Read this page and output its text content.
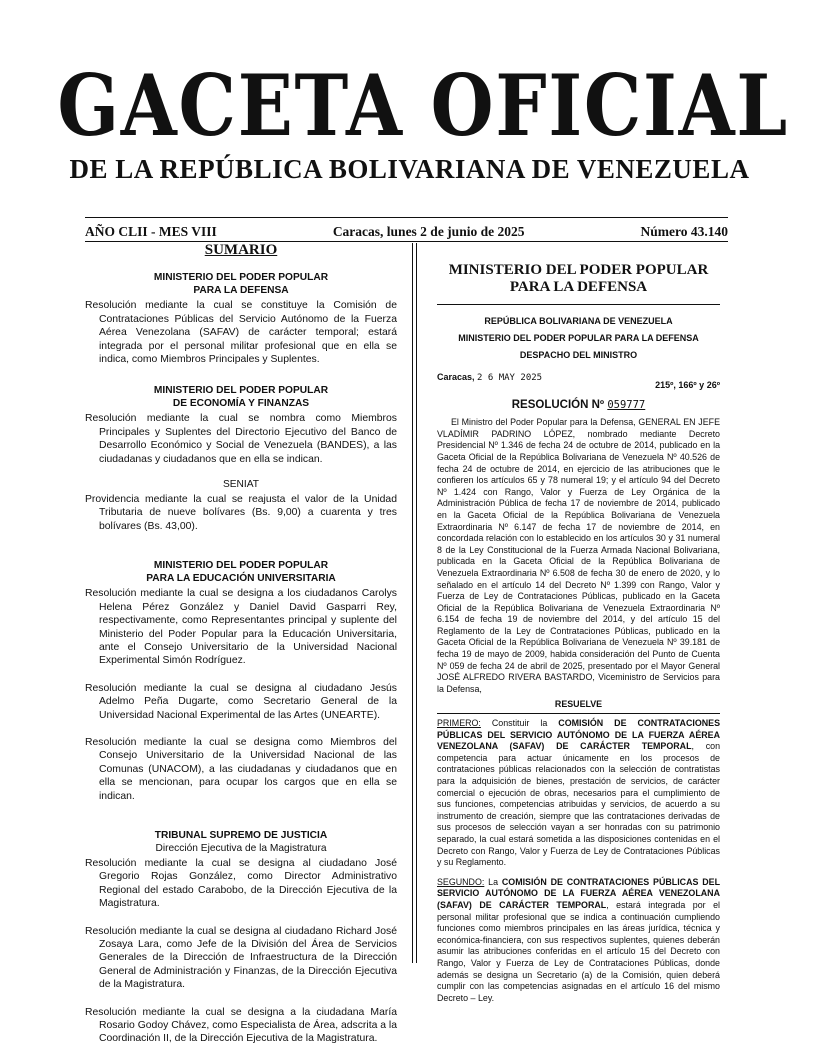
GACETA OFICIAL
DE LA REPÚBLICA BOLIVARIANA DE VENEZUELA
AÑO CLII - MES VIII	Caracas, lunes 2 de junio de 2025	Número 43.140
SUMARIO
MINISTERIO DEL PODER POPULAR
PARA LA DEFENSA
Resolución mediante la cual se constituye la Comisión de Contrataciones Públicas del Servicio Autónomo de la Fuerza Aérea Venezolana (SAFAV) de carácter temporal; estará integrada por el personal militar profesional que en ella se indica, como Miembros Principales y Suplentes.
MINISTERIO DEL PODER POPULAR
DE ECONOMÍA Y FINANZAS
Resolución mediante la cual se nombra como Miembros Principales y Suplentes del Directorio Ejecutivo del Banco de Desarrollo Económico y Social de Venezuela (BANDES), a las ciudadanas y ciudadanos que en ella se indican.
SENIAT
Providencia mediante la cual se reajusta el valor de la Unidad Tributaria de nueve bolívares (Bs. 9,00) a cuarenta y tres bolívares (Bs. 43,00).
MINISTERIO DEL PODER POPULAR
PARA LA EDUCACIÓN UNIVERSITARIA
Resolución mediante la cual se designa a los ciudadanos Carolys Helena Pérez González y Daniel David Gasparri Rey, respectivamente, como Representantes principal y suplente del Ministerio del Poder Popular para la Educación Universitaria, ante el Consejo Universitario de la Universidad Nacional Experimental Simón Rodríguez.
Resolución mediante la cual se designa al ciudadano Jesús Adelmo Peña Dugarte, como Secretario General de la Universidad Nacional Experimental de las Artes (UNEARTE).
Resolución mediante la cual se designa como Miembros del Consejo Universitario de la Universidad Nacional de las Comunas (UNACOM), a las ciudadanas y ciudadanos que en ella se mencionan, para ocupar los cargos que en ella se indican.
TRIBUNAL SUPREMO DE JUSTICIA
Dirección Ejecutiva de la Magistratura
Resolución mediante la cual se designa al ciudadano José Gregorio Rojas González, como Director Administrativo Regional del estado Carabobo, de la Dirección Ejecutiva de la Magistratura.
Resolución mediante la cual se designa al ciudadano Richard José Zosaya Lara, como Jefe de la División del Área de Servicios Generales de la Dirección de Infraestructura de la Dirección General de Administración y Finanzas, de la Dirección Ejecutiva de la Magistratura.
Resolución mediante la cual se designa a la ciudadana María Rosario Godoy Chávez, como Especialista de Área, adscrita a la Coordinación II, de la Dirección Ejecutiva de la Magistratura.
MINISTERIO DEL PODER POPULAR
PARA LA DEFENSA
REPÚBLICA BOLIVARIANA DE VENEZUELA
MINISTERIO DEL PODER POPULAR PARA LA DEFENSA
DESPACHO DEL MINISTRO
Caracas, 2 6 MAY 2025
215º, 166º y 26º
RESOLUCIÓN Nº 059777
El Ministro del Poder Popular para la Defensa, GENERAL EN JEFE VLADÍMIR PADRINO LÓPEZ, nombrado mediante Decreto Presidencial Nº 1.346 de fecha 24 de octubre de 2014, publicado en la Gaceta Oficial de la República Bolivariana de Venezuela Nº 40.526 de fecha 24 de octubre de 2014, en ejercicio de las atribuciones que le confieren los artículos 65 y 78 numeral 19; y el artículo 94 del Decreto Nº 1.424 con Rango, Valor y Fuerza de Ley Orgánica de la Administración Pública de fecha 17 de noviembre de 2014, publicado en la Gaceta Oficial de la República Bolivariana de Venezuela Extraordinaria Nº 6.147 de fecha 17 de noviembre de 2014, en concordada relación con lo establecido en los artículos 30 y 31 numeral 8 de la Ley Constitucional de la Fuerza Armada Nacional Bolivariana, publicada en la Gaceta Oficial de la República Bolivariana de Venezuela Extraordinaria Nº 6.508 de fecha 30 de enero de 2020, y lo señalado en el artículo 14 del Decreto Nº 1.399 con Rango, Valor y Fuerza de Ley de Contrataciones Públicas, publicado en la Gaceta Oficial de la República Bolivariana de Venezuela Extraordinaria Nº 6.154 de fecha 19 de noviembre del 2014, y del artículo 15 del Reglamento de la Ley de Contrataciones Públicas, publicado en la Gaceta Oficial de la República Bolivariana de Venezuela Nº 39.181 de fecha 19 de mayo de 2009, habida consideración del Punto de Cuenta Nº 059 de fecha 24 de abril de 2025, presentado por el Mayor General JOSÉ ALFREDO RIVERA BASTARDO, Viceministro de Servicios para la Defensa,
RESUELVE
PRIMERO: Constituir la COMISIÓN DE CONTRATACIONES PÚBLICAS DEL SERVICIO AUTÓNOMO DE LA FUERZA AÉREA VENEZOLANA (SAFAV) DE CARÁCTER TEMPORAL, con competencia para actuar únicamente en los procesos de contrataciones públicas relacionados con la selección de contratistas para la adquisición de bienes, prestación de servicios, de carácter comercial o ejecución de obras, necesarios para el cumplimiento de sus funciones, competencias atribuidas y servicios, de acuerdo a su instrumento de creación, siempre que las contrataciones derivadas de sus procesos de selección vayan a ser honradas con su patrimonio separado, la cual estará sometida a las disposiciones contenidas en el Decreto con Rango, Valor y Fuerza de Ley de Contrataciones Públicas y su Reglamento.
SEGUNDO: La COMISIÓN DE CONTRATACIONES PÚBLICAS DEL SERVICIO AUTÓNOMO DE LA FUERZA AÉREA VENEZOLANA (SAFAV) DE CARÁCTER TEMPORAL, estará integrada por el personal militar profesional que se indica a continuación cumpliendo funciones como miembros principales en las áreas jurídica, técnica y económica-financiera, con sus respectivos suplentes, quienes deberán asumir las atribuciones conferidas en el artículo 15 del Decreto con Rango, Valor y Fuerza de Ley de Contrataciones Públicas, donde además se designa un Secretario (a) de la Comisión, quien deberá cumplir con las competencias asignadas en el artículo 16 del mismo Decreto – Ley.
